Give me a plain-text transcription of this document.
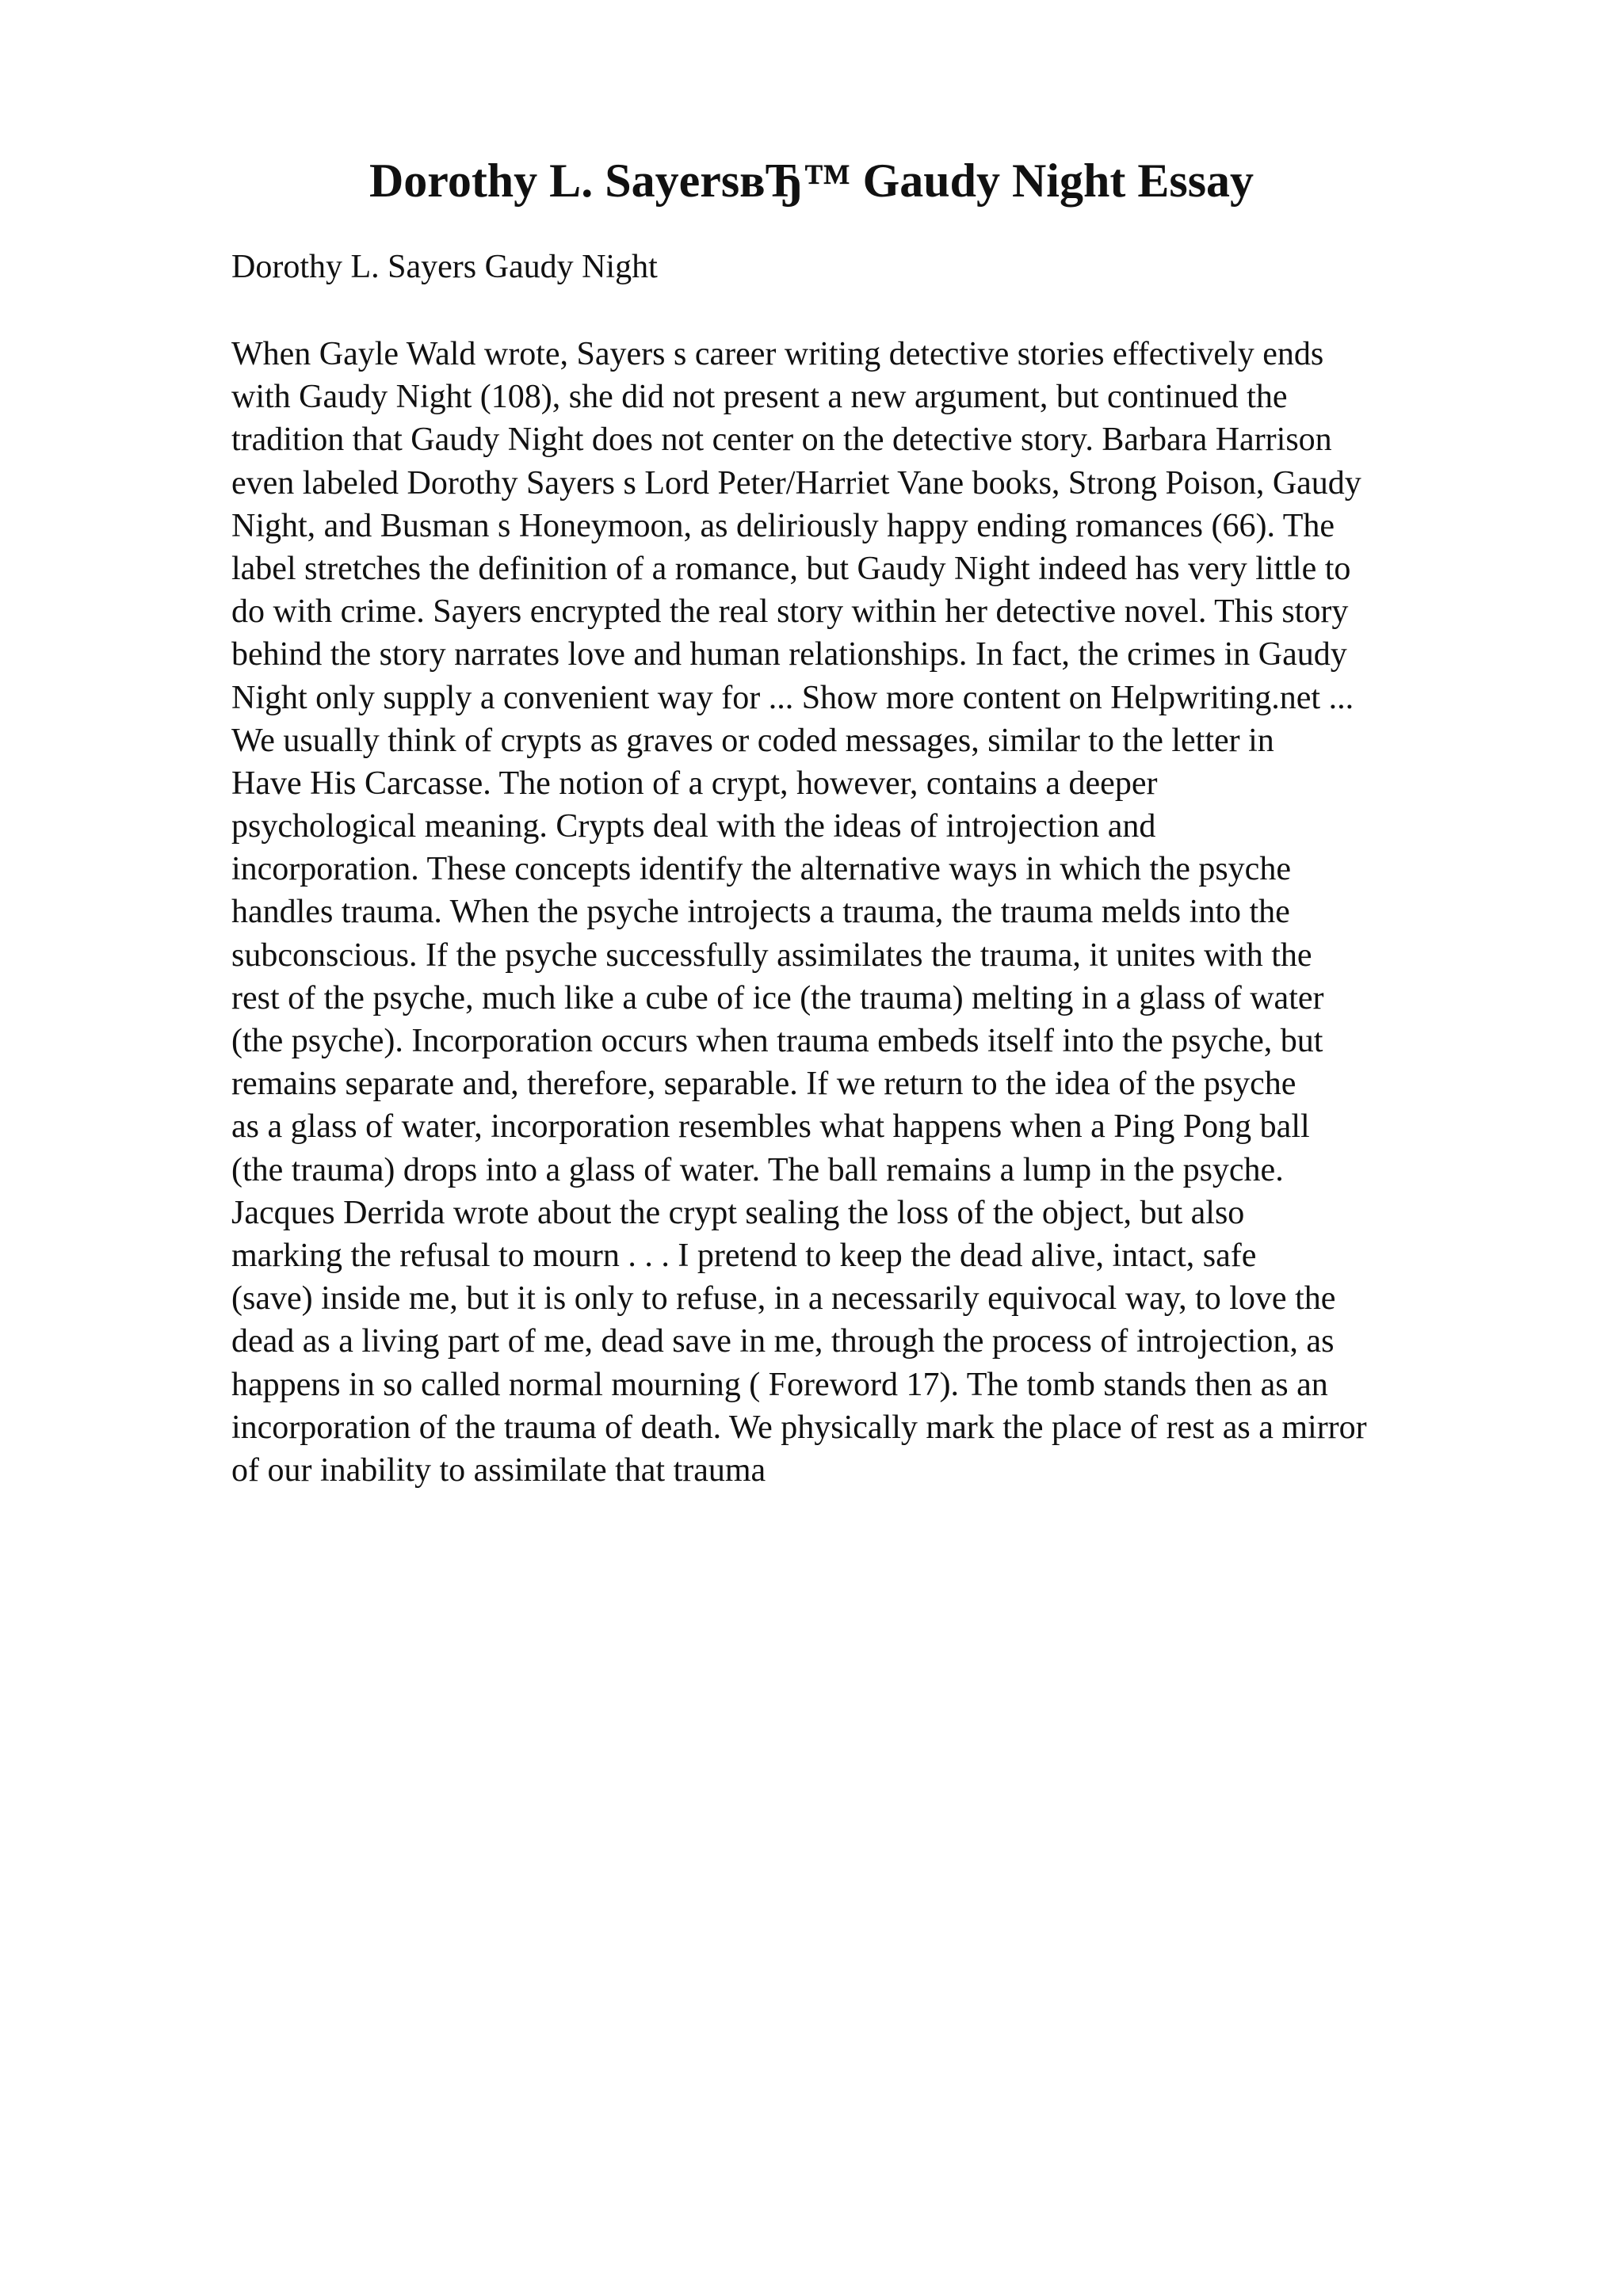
Dorothy L. SayersвЂ™ Gaudy Night Essay

Dorothy L. Sayers Gaudy Night

When Gayle Wald wrote, Sayers s career writing detective stories effectively ends
with Gaudy Night (108), she did not present a new argument, but continued the
tradition that Gaudy Night does not center on the detective story. Barbara Harrison
even labeled Dorothy Sayers s Lord Peter/Harriet Vane books, Strong Poison, Gaudy
Night, and Busman s Honeymoon, as deliriously happy ending romances (66). The
label stretches the definition of a romance, but Gaudy Night indeed has very little to
do with crime. Sayers encrypted the real story within her detective novel. This story
behind the story narrates love and human relationships. In fact, the crimes in Gaudy
Night only supply a convenient way for ... Show more content on Helpwriting.net ...
We usually think of crypts as graves or coded messages, similar to the letter in
Have His Carcasse. The notion of a crypt, however, contains a deeper
psychological meaning. Crypts deal with the ideas of introjection and
incorporation. These concepts identify the alternative ways in which the psyche
handles trauma. When the psyche introjects a trauma, the trauma melds into the
subconscious. If the psyche successfully assimilates the trauma, it unites with the
rest of the psyche, much like a cube of ice (the trauma) melting in a glass of water
(the psyche). Incorporation occurs when trauma embeds itself into the psyche, but
remains separate and, therefore, separable. If we return to the idea of the psyche
as a glass of water, incorporation resembles what happens when a Ping Pong ball
(the trauma) drops into a glass of water. The ball remains a lump in the psyche.
Jacques Derrida wrote about the crypt sealing the loss of the object, but also
marking the refusal to mourn . . . I pretend to keep the dead alive, intact, safe
(save) inside me, but it is only to refuse, in a necessarily equivocal way, to love the
dead as a living part of me, dead save in me, through the process of introjection, as
happens in so called normal mourning ( Foreword 17). The tomb stands then as an
incorporation of the trauma of death. We physically mark the place of rest as a mirror
of our inability to assimilate that trauma
